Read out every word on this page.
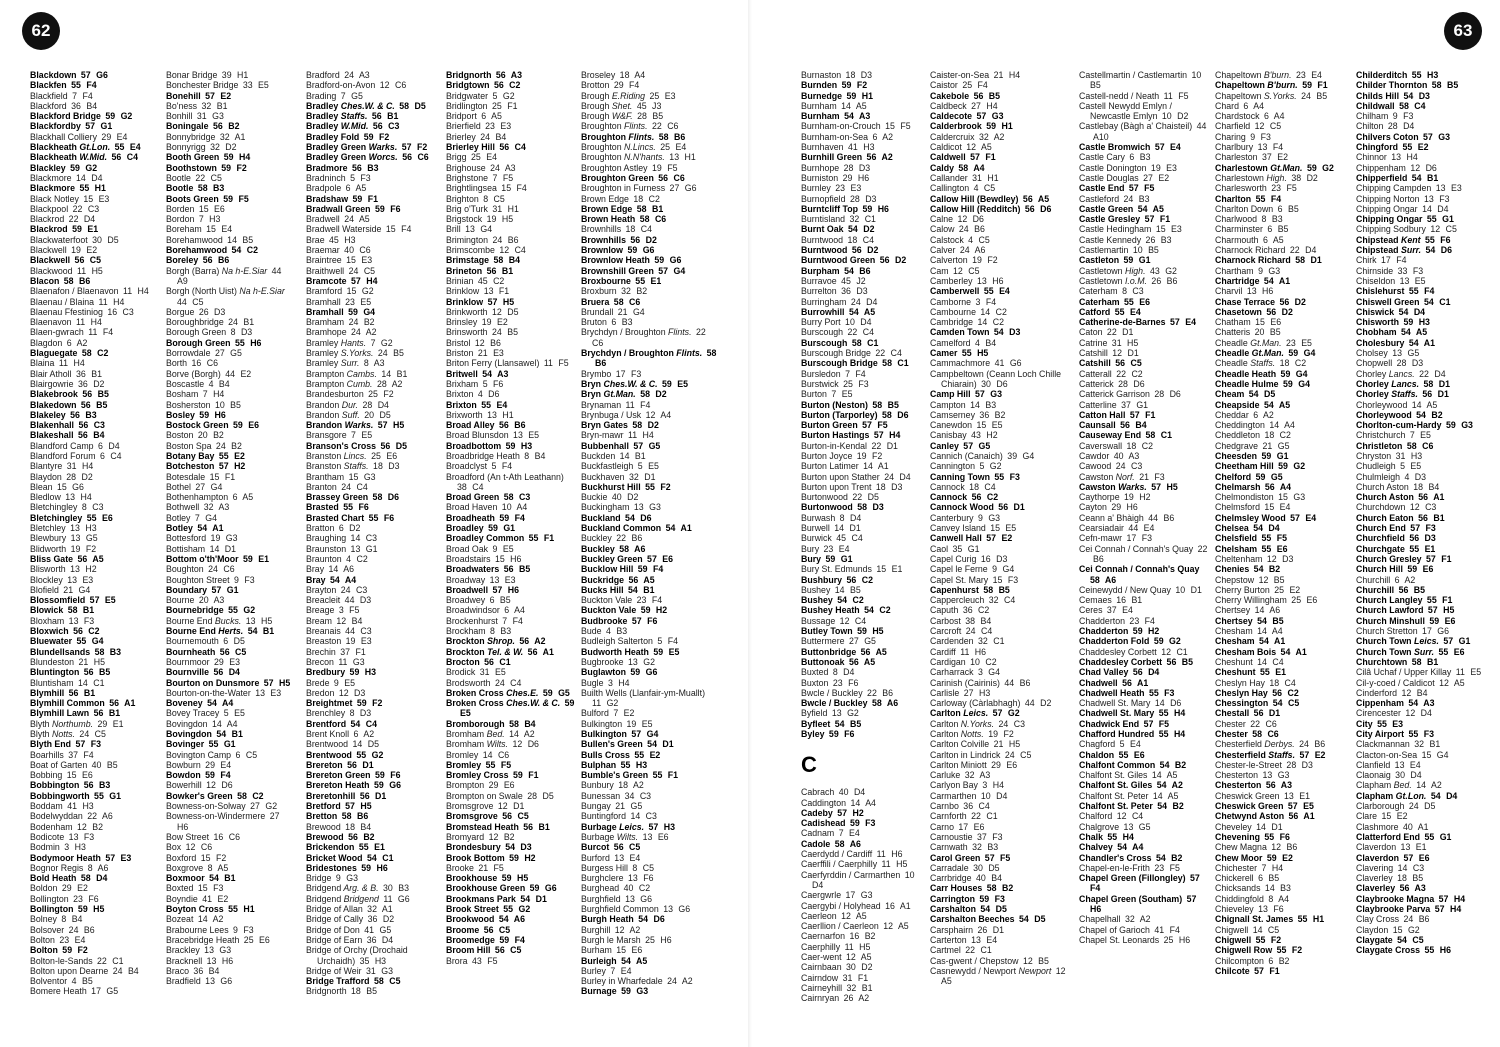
62	63
Blackdown 57 G6
Blackfen 55 F4
Blackfield 7 F4
Blackford 36 B4
Blackford Bridge 59 G2
Blackfordby 57 G1
Blackhall Colliery 29 E4
Blackheath Gt.Lon. 55 E4
Blackheath W.Mid. 56 C4
Blackley 59 G2
Blackmore 14 D4
Blackmore 55 H1
Black Notley 15 E3
Blackpool 22 C3
Blackrod 22 D4
Blackrod 59 E1
Blackwaterfoot 30 D5
Blackwell 19 E2
Blackwell 56 C5
Blackwood 11 H5
Blacon 58 B6
Blaenafon / Blaenavon 11 H4
Blaenau / Blaina 11 H4
Blaenau Ffestiniog 16 C3
Blaenavon 11 H4
Blaen-gwrach 11 F4
Blagdon 6 A2
Blaguegate 58 C2
Blaina 11 H4
Blair Atholl 36 B1
Blairgowrie 36 D2
Blakebrook 56 B5
Blakedown 56 B5
Blakeley 56 B3
Blakenhall 56 C3
Blakeshall 56 B4
Blandford Camp 6 D4
Blandford Forum 6 C4
Blantyre 31 H4
Blaydon 28 D2
Blean 15 G6
Bledlow 13 H4
Bletchingley 8 C3
Bletchingley 55 E6
Bletchley 13 H3
Blewbury 13 G5
Blidworth 19 F2
Bliss Gate 56 A5
Blisworth 13 H2
Blockley 13 E3
Blofield 21 G4
Blossomfield 57 E5
Blowick 58 B1
Bloxham 13 F3
Bloxwich 56 C2
Bluewater 55 G4
Blundellsands 58 B3
Blundeston 21 H5
Bluntington 56 B5
Bluntisham 14 C1
Blymhill 56 B1
Blymhill Common 56 A1
Blymhill Lawn 56 B1
Blyth Northumb. 29 E1
Blyth Notts. 24 C5
Blyth End 57 F3
Boarhills 37 F4
Boat of Garten 40 B5
Bobbing 15 E6
Bobbington 56 B3
Bobbingworth 55 G1
Boddam 41 H3
Bodelwyddan 22 A6
Bodenham 12 B2
Bodicote 13 F3
Bodmin 3 H3
Bodymoor Heath 57 E3
Bognor Regis 8 A6
Bold Heath 58 D4
Boldon 29 E2
Bollington 23 F6
Bollington 59 H5
Bolney 8 B4
Bolsover 24 B6
Bolton 23 E4
Bolton 59 F2
Bolton-le-Sands 22 C1
Bolton upon Dearne 24 B4
Bolventor 4 B5
Bomere Heath 17 G5
Bonar Bridge 39 H1
Bonchester Bridge 33 E5
Bonehill 57 E2
Bo'ness 32 B1
Bonhill 31 G3
Boningale 56 B2
Bonnybridge 32 A1
Bonnyrigg 32 D2
Booth Green 59 H4
Boothstown 59 F2
Bootle 22 C5
Bootle 58 B3
Boots Green 59 F5
Borden 15 E6
Bordon 7 H3
Boreham 15 E4
Borehamwood 14 B5
Borehamwood 54 C2
Boreley 56 B6
Borgh (Barra) Na h-E.Siar 44 A9
Borgh (North Uist) Na h-E.Siar 44 C5
Borgue 26 D3
Boroughbridge 24 B1
Borough Green 8 D3
Borough Green 55 H6
Borrowdale 27 G5
Borth 16 C6
Borve (Borgh) 44 E2
Boscastle 4 B4
Bosham 7 H4
Bosherston 10 B5
Bosley 59 H6
Bostock Green 59 E6
Boston 20 B2
Boston Spa 24 B2
Botany Bay 55 E2
Botcheston 57 H2
Botesdale 15 F1
Bothel 27 G4
Bothenhampton 6 A5
Bothwell 32 A3
Botley 7 G4
Botley 54 A1
Bottesford 19 G3
Bottisham 14 D1
Bottom o'th'Moor 59 E1
Boughton 24 C6
Boughton Street 9 F3
Boundary 57 G1
Bourne 20 A3
Bournebridge 55 G2
Bourne End Bucks. 13 H5
Bourne End Herts. 54 B1
Bournemouth 6 D5
Bournheath 56 C5
Bournmoor 29 E3
Bournville 56 D4
Bourton on Dunsmore 57 H5
Bourton-on-the-Water 13 E3
Boveney 54 A4
Bovey Tracey 5 E5
Bovingdon 14 A4
Bovingdon 54 B1
Bovinger 55 G1
Bovington Camp 6 C5
Bowburn 29 E4
Bowdon 59 F4
Bowerhill 12 D6
Bowker's Green 58 C2
Bowness-on-Solway 27 G2
Bowness-on-Windermere 27 H6
Bow Street 16 C6
Box 12 C6
Boxford 15 F2
Boxgrove 8 A5
Boxmoor 54 B1
Boxted 15 F3
Boyndie 41 E2
Boyton Cross 55 H1
Bozeat 14 A2
Brabourne Lees 9 F3
Bracebridge Heath 25 E6
Brackley 13 G3
Bracknell 13 H6
Braco 36 B4
Bradfield 13 G6
Bradford 24 A3
Bradford-on-Avon 12 C6
Brading 7 G5
Bradley Ches.W. & C. 58 D5
Bradley Staffs. 56 B1
Bradley W.Mid. 56 C3
Bradley Fold 59 F2
Bradley Green Warks. 57 F2
Bradley Green Worcs. 56 C6
Bradmore 56 B3
Bradninch 5 F3
Bradpole 6 A5
Bradshaw 59 F1
Bradwall Green 59 F6
Bradwell 24 A5
Bradwell Waterside 15 F4
Brae 45 H3
Braemar 40 C6
Braintree 15 E3
Braithwell 24 C5
Bramcote 57 H4
Bramford 15 G2
Bramhall 23 E5
Bramhall 59 G4
Bramham 24 B2
Bramhope 24 A2
Bramley Hants. 7 G2
Bramley S.Yorks. 24 B5
Bramley Surr. 8 A3
Brampton Cambs. 14 B1
Brampton Cumb. 28 A2
Brandesburton 25 F2
Brandon Dur. 28 D4
Brandon Suff. 20 D5
Brandon Warks. 57 H5
Bransgore 7 E5
Branson's Cross 56 D5
Branston Lincs. 25 E6
Branston Staffs. 18 D3
Brantham 15 G3
Branton 24 C4
Brassey Green 58 D6
Brasted 55 F6
Brasted Chart 55 F6
Bratton 6 D2
Braughing 14 C3
Braunston 13 G1
Braunton 4 C2
Bray 14 A6
Bray 54 A4
Brayton 24 C3
Breacleit 44 D3
Breage 3 F5
Bream 12 B4
Breanais 44 C3
Breaston 19 E3
Brechin 37 F1
Brecon 11 G3
Bredbury 59 H3
Brede 9 E5
Bredon 12 D3
Breightmet 59 F2
Brenchley 8 D3
Brentford 54 C4
Brent Knoll 6 A2
Brentwood 14 D5
Brentwood 55 G2
Brereton 56 D1
Brereton Green 59 F6
Brereton Heath 59 G6
Breretonhill 56 D1
Bretford 57 H5
Bretton 58 B6
Brewood 18 B4
Brewood 56 B2
Brickendon 55 E1
Bricket Wood 54 C1
Bridestones 59 H6
Bridge 9 G3
Bridgend Arg. & B. 30 B3
Bridgend Bridgend 11 G6
Bridge of Allan 32 A1
Bridge of Cally 36 D2
Bridge of Don 41 G5
Bridge of Earn 36 D4
Bridge of Orchy (Drochaid Urchaidh) 35 H3
Bridge of Weir 31 G3
Bridge Trafford 58 C5
Bridgnorth 18 B5
Bridgnorth 56 A3
Bridgtown 56 C2
Bridgwater 5 G2
Bridlington 25 F1
Bridport 6 A5
Brierfield 23 E3
Brierley 24 B4
Brierley Hill 56 C4
Brigg 25 E4
Brighouse 24 A3
Brighstone 7 F5
Brightlingsea 15 F4
Brighton 8 C5
Brig o'Turk 31 H1
Brigstock 19 H5
Brill 13 G4
Brimington 24 B6
Brimscombe 12 C4
Brimstage 58 B4
Brineton 56 B1
Brinian 45 C2
Brinklow 13 F1
Brinklow 57 H5
Brinkworth 12 D5
Brinsley 19 E2
Brinsworth 24 B5
Bristol 12 B6
Briston 21 E3
Briton Ferry (Llansawel) 11 F5
Britwell 54 A3
Brixham 5 F6
Brixton 4 D6
Brixton 55 E4
Brixworth 13 H1
Broad Alley 56 B6
Broad Blunsdon 13 E5
Broadbottom 59 H3
Broadbridge Heath 8 B4
Broadclyst 5 F4
Broadford (An t-Ath Leathann) 38 C4
Broad Green 58 C3
Broad Haven 10 A4
Broadheath 59 F4
Broadley 59 G1
Broadley Common 55 F1
Broad Oak 9 E5
Broadstairs 15 H6
Broadwaters 56 B5
Broadway 13 E3
Broadwell 57 H6
Broadwey 6 B5
Broadwindsor 6 A4
Brockenhurst 7 F4
Brockham 8 B3
Brockton Shrop. 56 A2
Brockton Tel. & W. 56 A1
Brocton 56 C1
Brodick 31 E5
Brodsworth 24 C4
Broken Cross Ches.E. 59 G5
Broken Cross Ches.W. & C. 59 E5
Bromborough 58 B4
Bromham Bed. 14 A2
Bromham Wilts. 12 D6
Bromley 14 C6
Bromley 55 F5
Bromley Cross 59 F1
Brompton 29 E6
Brompton on Swale 28 D5
Bromsgrove 12 D1
Bromsgrove 56 C5
Bromstead Heath 56 B1
Bromyard 12 B2
Brondesbury 54 D3
Brook Bottom 59 H2
Brooke 21 F5
Brookhouse 59 H5
Brookhouse Green 59 G6
Brookmans Park 54 D1
Brook Street 55 G2
Brookwood 54 A6
Broome 56 C5
Broomedge 59 F4
Broom Hill 56 C5
Brora 43 F5
Broseley 18 A4
Brotton 29 F4
Brough E.Riding 25 E3
Brough Shet. 45 J3
Brough W&F. 28 B5
Broughton Flints. 22 C6
Broughton Flints. 58 B6
Broughton N.Lincs. 25 E4
Broughton N.N'hants. 13 H1
Broughton Astley 19 F5
Broughton Green 56 C6
Broughton in Furness 27 G6
Brown Edge 18 C2
Brown Edge 58 B1
Brown Heath 58 C6
Brownhills 18 C4
Brownhills 56 D2
Brownlow 59 G6
Brownlow Heath 59 G6
Brownshill Green 57 G4
Broxbourne 55 E1
Broxburn 32 B2
Bruera 58 C6
Brundall 21 G4
Bruton 6 B3
Brychdyn / Broughton Flints. 22 C6
Brychdyn / Broughton Flints. 58 B6
Brymbo 17 F3
Bryn Ches.W. & C. 59 E5
Bryn Gt.Man. 58 D2
Brynaman 11 F4
Brynbuga / Usk 12 A4
Bryn Gates 58 D2
Bryn-mawr 11 H4
Bubbenhall 57 G5
Buckden 14 B1
Buckfastleigh 5 E5
Buckhaven 32 D1
Buckhurst Hill 55 F2
Buckie 40 D2
Buckingham 13 G3
Buckland 54 D6
Buckland Common 54 A1
Buckley 22 B6
Buckley 58 A6
Buckley Green 57 E6
Bucklow Hill 59 F4
Buckridge 56 A5
Bucks Hill 54 B1
Buckton Vale 23 F4
Buckton Vale 59 H2
Budbrooke 57 F6
Bude 4 B3
Budleigh Salterton 5 F4
Budworth Heath 59 E5
Bugbrooke 13 G2
Buglawton 59 G6
Bugle 3 H4
Builth Wells (Llanfair-ym-Muallt) 11 G2
Bulford 7 E2
Bulkington 19 E5
Bulkington 57 G4
Bullen's Green 54 D1
Bulls Cross 55 E2
Bulphan 55 H3
Bumble's Green 55 F1
Bunbury 18 A2
Bunessan 34 C3
Bungay 21 G5
Buntingford 14 C3
Burbage Leics. 57 H3
Burbage Wilts. 13 E6
Burcot 56 C5
Burford 13 E4
Burgess Hill 8 C5
Burghclere 13 F6
Burghead 40 C2
Burghfield 13 G6
Burghfield Common 13 G6
Burgh Heath 54 D6
Burghill 12 A2
Burgh le Marsh 25 H6
Burham 15 E6
Burleigh 54 A5
Burley 7 E4
Burley in Wharfedale 24 A2
Burnage 59 G3
Burnaston 18 D3
Burnden 59 F2
Burnedge 59 H1
Burnham 14 A5
Burnham 54 A3
Burnham-on-Crouch 15 F5
Burnham-on-Sea 6 A2
Burnhaven 41 H3
Burnhill Green 56 A2
Burnhope 28 D3
Burniston 29 H6
Burnley 23 E3
Burnopfield 28 D3
Burntcliff Top 59 H6
Burntisland 32 C1
Burnt Oak 54 D2
Burntwood 18 C4
Burntwood 56 D2
Burntwood Green 56 D2
Burpham 54 B6
Burravoe 45 J2
Burrelton 36 D3
Burringham 24 D4
Burrowhill 54 A5
Burry Port 10 D4
Burscough 22 C4
Burscough 58 C1
Burscough Bridge 22 C4
Burscough Bridge 58 C1
Bursledon 7 F4
Burstwick 25 F3
Burton 7 E5
Burton (Neston) 58 B5
Burton (Tarporley) 58 D6
Burton Green 57 F5
Burton Hastings 57 H4
Burton-in-Kendal 22 D1
Burton Joyce 19 F2
Burton Latimer 14 A1
Burton upon Stather 24 D4
Burton upon Trent 18 D3
Burtonwood 22 D5
Burtonwood 58 D3
Burwash 8 D4
Burwell 14 D1
Burwick 45 C4
Bury 23 E4
Bury 59 G1
Bury St. Edmunds 15 E1
Bushbury 56 C2
Bushey 14 B5
Bushey 54 C2
Bushey Heath 54 C2
Bussage 12 C4
Butley Town 59 H5
Buttermere 27 G5
Buttonbridge 56 A5
Buttonoak 56 A5
Buxted 8 D4
Buxton 23 F6
Bwcle / Buckley 22 B6
Bwcle / Buckley 58 A6
Byfield 13 G2
Byfleet 54 B5
Byley 59 F6
C
Cabrach 40 D4
Caddington 14 A4
Cadeby 57 H2
Cadishead 59 F3
Cadnam 7 E4
Cadole 58 A6
Caerdydd / Cardiff 11 H6
Caerffili / Caerphilly 11 H5
Caerfyrddin / Carmarthen 10 D4
Caergwrle 17 G3
Caergybi / Holyhead 16 A1
Caerleon 12 A5
Caerllion / Caerleon 12 A5
Caernarfon 16 B2
Caerphilly 11 H5
Caer-went 12 A5
Cairnbaan 30 D2
Cairndow 31 F1
Cairneyhill 32 B1
Cairnryan 26 A2
Caister-on-Sea 21 H4
Caistor 25 F4
Cakebole 56 B5
Caldbeck 27 H4
Caldecote 57 G3
Calderbrook 59 H1
Caldercruix 32 A2
Caldicot 12 A5
Caldwell 57 F1
Caldy 58 A4
Callander 31 H1
Callington 4 C5
Callow Hill (Bewdley) 56 A5
Callow Hill (Redditch) 56 D6
Calne 12 D6
Calow 24 B6
Calstock 4 C5
Calver 24 A6
Calverton 19 F2
Cam 12 C5
Camberley 13 H6
Camberwell 55 E4
Camborne 3 F4
Cambourne 14 C2
Cambridge 14 C2
Camden Town 54 D3
Camelford 4 B4
Camer 55 H5
Cammachmore 41 G6
Campbeltown (Ceann Loch Chille Chiarain) 30 D6
Camp Hill 57 G3
Campton 14 B3
Camserney 36 B2
Canewdon 15 E5
Canisbay 43 H2
Canley 57 G5
Cannich (Canaich) 39 G4
Cannington 5 G2
Canning Town 55 F3
Cannock 18 C4
Cannock 56 C2
Cannock Wood 56 D1
Canterbury 9 G3
Canvey Island 15 E5
Canwell Hall 57 E2
Caol 35 G1
Capel Curig 16 D3
Capel le Ferne 9 G4
Capel St. Mary 15 F3
Capenhurst 58 B5
Cappercleuch 32 C4
Caputh 36 C2
Carbost 38 B4
Carcroft 24 C4
Cardenden 32 C1
Cardiff 11 H6
Cardigan 10 C2
Carharrack 3 G4
Carinish (Cairinis) 44 B6
Carlisle 27 H3
Carloway (Càrlabhagh) 44 D2
Carlton Leics. 57 G2
Carlton N.Yorks. 24 C3
Carlton Notts. 19 F2
Carlton Colville 21 H5
Carlton in Lindrick 24 C5
Carlton Miniott 29 E6
Carluke 32 A3
Carlyon Bay 3 H4
Carmarthen 10 D4
Carnbo 36 C4
Carnforth 22 C1
Carno 17 E6
Carnoustie 37 F3
Carnwath 32 B3
Carol Green 57 F5
Carradale 30 D5
Carrbridge 40 B4
Carr Houses 58 B2
Carrington 59 F3
Carshalton 54 D5
Carshalton Beeches 54 D5
Carsphairn 26 D1
Carterton 13 E4
Cartmel 22 C1
Cas-gwent / Chepstow 12 B5
Casnewydd / Newport Newport 12 A5
Castellmartin / Castlemartin 10 B5
Castell-nedd / Neath 11 F5
Castell Newydd Emlyn / Newcastle Emlyn 10 D2
Castlebay (Bàgh a' Chaisteil) 44 A10
Castle Bromwich 57 E4
Castle Cary 6 B3
Castle Donington 19 E3
Castle Douglas 27 E2
Castle End 57 F5
Castleford 24 B3
Castle Green 54 A5
Castle Gresley 57 F1
Castle Hedingham 15 E3
Castle Kennedy 26 B3
Castlemartin 10 B5
Castleton 59 G1
Castletown High. 43 G2
Castletown I.o.M. 26 B6
Caterham 8 C3
Caterham 55 E6
Catford 55 E4
Catherine-de-Barnes 57 E4
Caton 22 D1
Catrine 31 H5
Catshill 12 D1
Catshill 56 C5
Catterall 22 C2
Catterick 28 D6
Catterick Garrison 28 D6
Catterline 37 G1
Catton Hall 57 F1
Caunsall 56 B4
Causeway End 58 C1
Caverswall 18 C2
Cawdor 40 A3
Cawood 24 C3
Cawston Norf. 21 F3
Cawston Warks. 57 H5
Caythorpe 19 H2
Cayton 29 H6
Ceann a' Bhàigh 44 B6
Cearsiadair 44 E4
Cefn-mawr 17 F3
Cei Connah / Connah's Quay 22 B6
Cei Connah / Connah's Quay 58 A6
Ceinewydd / New Quay 10 D1
Cemaes 16 B1
Ceres 37 E4
Chadderton 23 F4
Chadderton 59 H2
Chadderton Fold 59 G2
Chaddesley Corbett 12 C1
Chaddesley Corbett 56 B5
Chad Valley 56 D4
Chadwell 56 A1
Chadwell Heath 55 F3
Chadwell St. Mary 14 D6
Chadwell St. Mary 55 H4
Chadwick End 57 F5
Chafford Hundred 55 H4
Chagford 5 E4
Chaldon 55 E6
Chalfont Common 54 B2
Chalfont St. Giles 14 A5
Chalfont St. Giles 54 A2
Chalfont St. Peter 14 A5
Chalfont St. Peter 54 B2
Chalford 12 C4
Chalgrove 13 G5
Chalk 55 H4
Chalvey 54 A4
Chandler's Cross 54 B2
Chapel-en-le-Frith 23 F5
Chapel Green (Fillongley) 57 F4
Chapel Green (Southam) 57 H6
Chapelhall 32 A2
Chapel of Garioch 41 F4
Chapel St. Leonards 25 H6
Chapeltown B'burn. 23 E4
Chapeltown B'burn. 59 F1
Chapeltown S.Yorks. 24 B5
Chard 6 A4
Chardstock 6 A4
Charfield 12 C5
Charing 9 F3
Charlbury 13 F4
Charleston 37 E2
Charlestown Gt.Man. 59 G2
Charlestown High. 38 D2
Charlesworth 23 F5
Charlton 55 F4
Charlton Down 6 B5
Charlwood 8 B3
Charminster 6 B5
Charmouth 6 A5
Charnock Richard 22 D4
Charnock Richard 58 D1
Chartham 9 G3
Chartridge 54 A1
Charvil 13 H6
Chase Terrace 56 D2
Chasetown 56 D2
Chatham 15 E6
Chatteris 20 B5
Cheadle Gt.Man. 23 E5
Cheadle Gt.Man. 59 G4
Cheadle Staffs. 18 C2
Cheadle Heath 59 G4
Cheadle Hulme 59 G4
Cheam 54 D5
Cheapside 54 A5
Cheddar 6 A2
Cheddington 14 A4
Cheddleton 18 C2
Chedgrave 21 G5
Cheesden 59 G1
Cheetham Hill 59 G2
Chelford 59 G5
Chelmarsh 56 A4
Chelmondiston 15 G3
Chelmsford 15 E4
Chelmsley Wood 57 E4
Chelsea 54 D4
Chelsfield 55 F5
Chelsham 55 E6
Cheltenham 12 D3
Chenies 54 B2
Chepstow 12 B5
Cherry Burton 25 E2
Cherry Willingham 25 E6
Chertsey 14 A6
Chertsey 54 B5
Chesham 14 A4
Chesham 54 A1
Chesham Bois 54 A1
Cheshunt 14 C4
Cheshunt 55 E1
Cheslyn Hay 18 C4
Cheslyn Hay 56 C2
Chessington 54 C5
Chestall 56 D1
Chester 22 C6
Chester 58 C6
Chesterfield Derbys. 24 B6
Chesterfield Staffs. 57 E2
Chester-le-Street 28 D3
Chesterton 13 G3
Chesterton 56 A3
Cheswick Green 13 E1
Cheswick Green 57 E5
Chetwynd Aston 56 A1
Cheveley 14 D1
Chevening 55 F6
Chew Magna 12 B6
Chew Moor 59 E2
Chichester 7 H4
Chickerell 6 B5
Chicksands 14 B3
Chiddingfold 8 A4
Chieveley 13 F6
Chignall St. James 55 H1
Chigwell 14 C5
Chigwell 55 F2
Chigwell Row 55 F2
Chilcompton 6 B2
Chilcote 57 F1
Childerditch 55 H3
Childer Thornton 58 B5
Childs Hill 54 D3
Childwall 58 C4
Chilham 9 F3
Chilton 28 D4
Chilvers Coton 57 G3
Chingford 55 E2
Chinnor 13 H4
Chippenham 12 D6
Chipperfield 54 B1
Chipping Campden 13 E3
Chipping Norton 13 F3
Chipping Ongar 14 D4
Chipping Ongar 55 G1
Chipping Sodbury 12 C5
Chipstead Kent 55 F6
Chipstead Surr. 54 D6
Chirk 17 F4
Chirnside 33 F3
Chiseldon 13 E5
Chislehurst 55 F4
Chiswell Green 54 C1
Chiswick 54 D4
Chisworth 59 H3
Chobham 54 A5
Cholesbury 54 A1
Cholsey 13 G5
Chopwell 28 D3
Chorley Lancs. 22 D4
Chorley Lancs. 58 D1
Chorley Staffs. 56 D1
Chorleywood 14 A5
Chorleywood 54 B2
Chorlton-cum-Hardy 59 G3
Christchurch 7 E5
Christleton 58 C6
Chryston 31 H3
Chudleigh 5 E5
Chulmleigh 4 D3
Church Aston 18 B4
Church Aston 56 A1
Churchdown 12 C3
Church Eaton 56 B1
Church End 57 F3
Churchfield 56 D3
Churchgate 55 E1
Church Gresley 57 F1
Church Hill 59 E6
Churchill 6 A2
Churchill 56 B5
Church Langley 55 F1
Church Lawford 57 H5
Church Minshull 59 E6
Church Stretton 17 G6
Church Town Leics. 57 G1
Church Town Surr. 55 E6
Churchtown 58 B1
Cilâ Uchaf / Upper Killay 11 E5
Cil-y-coed / Caldicot 12 A5
Cinderford 12 B4
Cippenham 54 A3
Cirencester 12 D4
City 55 E3
City Airport 55 F3
Clackmannan 32 B1
Clacton-on-Sea 15 G4
Clanfield 13 E4
Claonaig 30 D4
Clapham Bed. 14 A2
Clapham Gt.Lon. 54 D4
Clarborough 24 D5
Clare 15 E2
Clashmore 40 A1
Clatterford End 55 G1
Claverdon 13 E1
Claverdon 57 E6
Clavering 14 C3
Claverley 18 B5
Claverley 56 A3
Claybrooke Magna 57 H4
Claybrooke Parva 57 H4
Clay Cross 24 B6
Claydon 15 G2
Claygate 54 C5
Claygate Cross 55 H6
